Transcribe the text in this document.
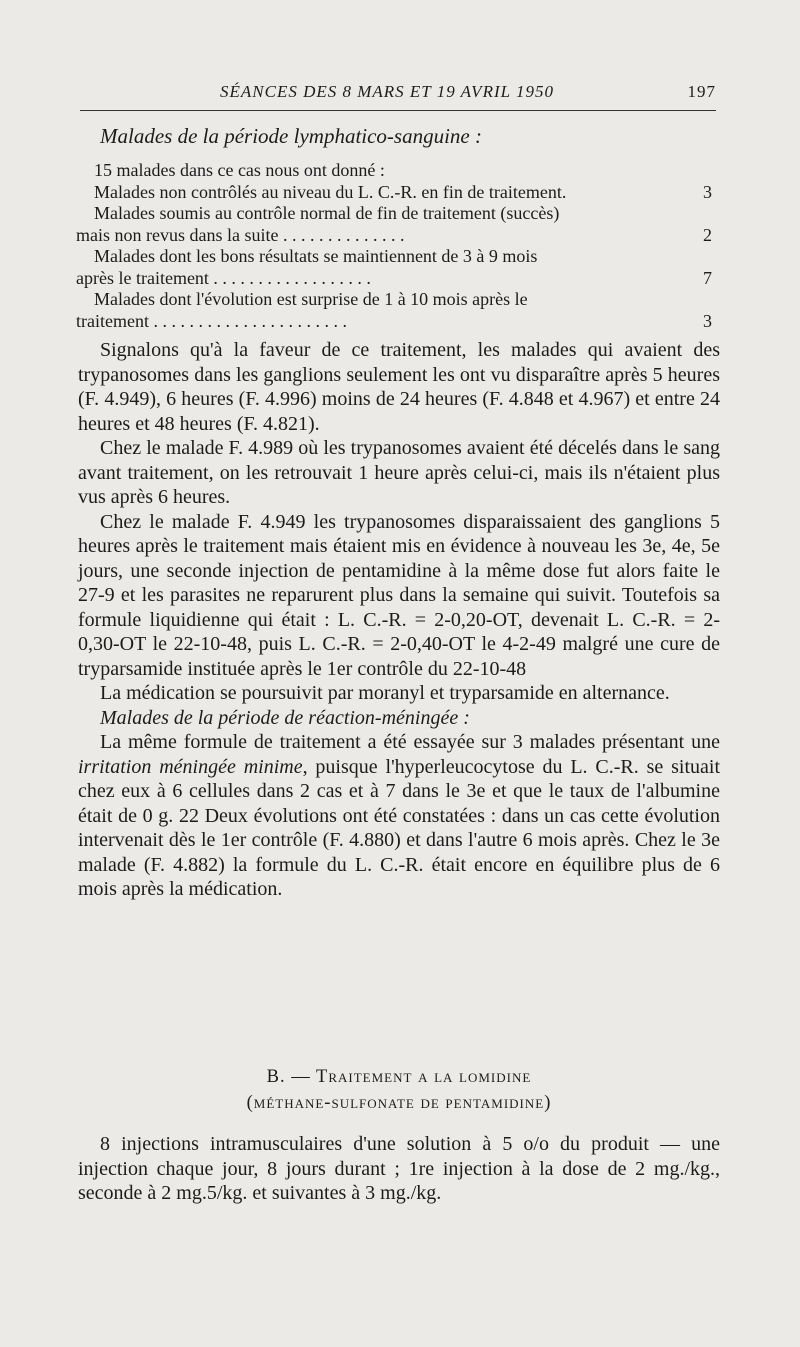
SÉANCES DES 8 MARS ET 19 AVRIL 1950	197
Malades de la période lymphatico-sanguine :
15 malades dans ce cas nous ont donné :
Malades non contrôlés au niveau du L. C.-R. en fin de traitement.	3
Malades soumis au contrôle normal de fin de traitement (succès)
mais non revus dans la suite . . . . . . . . . . . . . .	2
Malades dont les bons résultats se maintiennent de 3 à 9 mois
après le traitement . . . . . . . . . . . . . . . . . .	7
Malades dont l'évolution est surprise de 1 à 10 mois après le
traitement . . . . . . . . . . . . . . . . . . . . . .	3

Signalons qu'à la faveur de ce traitement, les malades qui avaient des trypanosomes dans les ganglions seulement les ont vu disparaître après 5 heures (F. 4.949), 6 heures (F. 4.996) moins de 24 heures (F. 4.848 et 4.967) et entre 24 heures et 48 heures (F. 4.821).

Chez le malade F. 4.989 où les trypanosomes avaient été décelés dans le sang avant traitement, on les retrouvait 1 heure après celui-ci, mais ils n'étaient plus vus après 6 heures.

Chez le malade F. 4.949 les trypanosomes disparaissaient des ganglions 5 heures après le traitement mais étaient mis en évidence à nouveau les 3e, 4e, 5e jours, une seconde injection de pentamidine à la même dose fut alors faite le 27-9 et les parasites ne reparurent plus dans la semaine qui suivit. Toutefois sa formule liquidienne qui était : L. C.-R. = 2-0,20-OT, devenait L. C.-R. = 2-0,30-OT le 22-10-48, puis L. C.-R. = 2-0,40-OT le 4-2-49 malgré une cure de tryparsamide instituée après le 1er contrôle du 22-10-48

La médication se poursuivit par moranyl et tryparsamide en alternance.

Malades de la période de réaction-méningée :

La même formule de traitement a été essayée sur 3 malades présentant une irritation méningée minime, puisque l'hyperleucocytose du L. C.-R. se situait chez eux à 6 cellules dans 2 cas et à 7 dans le 3e et que le taux de l'albumine était de 0 g. 22 Deux évolutions ont été constatées : dans un cas cette évolution intervenait dès le 1er contrôle (F. 4.880) et dans l'autre 6 mois après. Chez le 3e malade (F. 4.882) la formule du L. C.-R. était encore en équilibre plus de 6 mois après la médication.

B. — Traitement a la lomidine
(méthane-sulfonate de pentamidine)

8 injections intramusculaires d'une solution à 5 o/o du produit — une injection chaque jour, 8 jours durant ; 1re injection à la dose de 2 mg./kg., seconde à 2 mg.5/kg. et suivantes à 3 mg./kg.
